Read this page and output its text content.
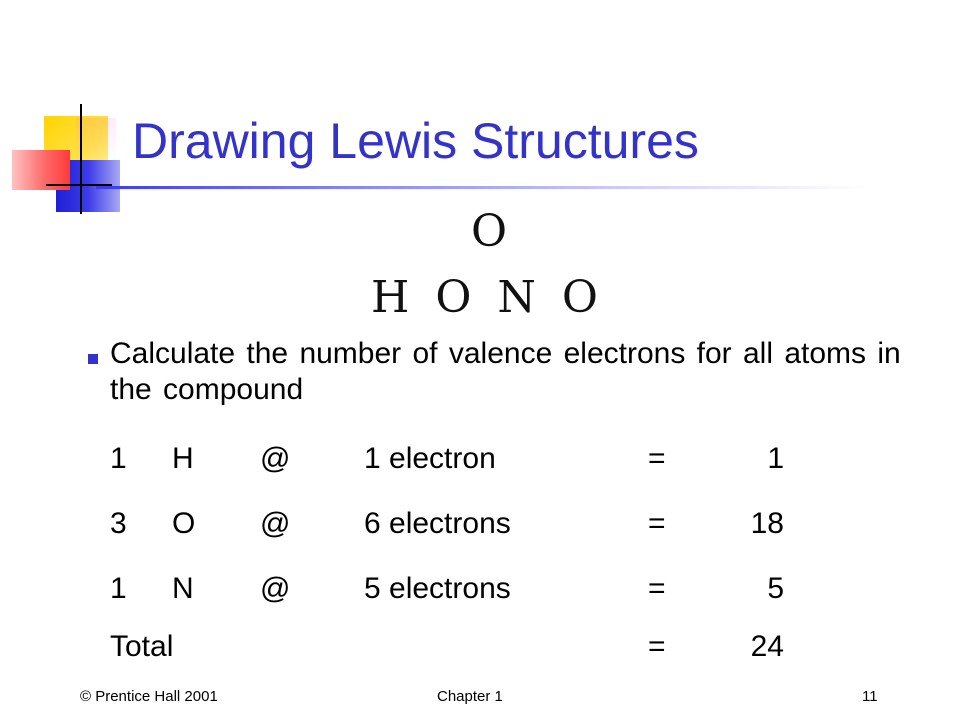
Drawing Lewis Structures
O
H O N O

Calculate the number of valence electrons for all atoms in the compound

1 H @ 1 electron	=	1
3 O @ 6 electrons	=	18
1 N @ 5 electrons	=	5
Total	=	24
© Prentice Hall 2001	Chapter 1	11
